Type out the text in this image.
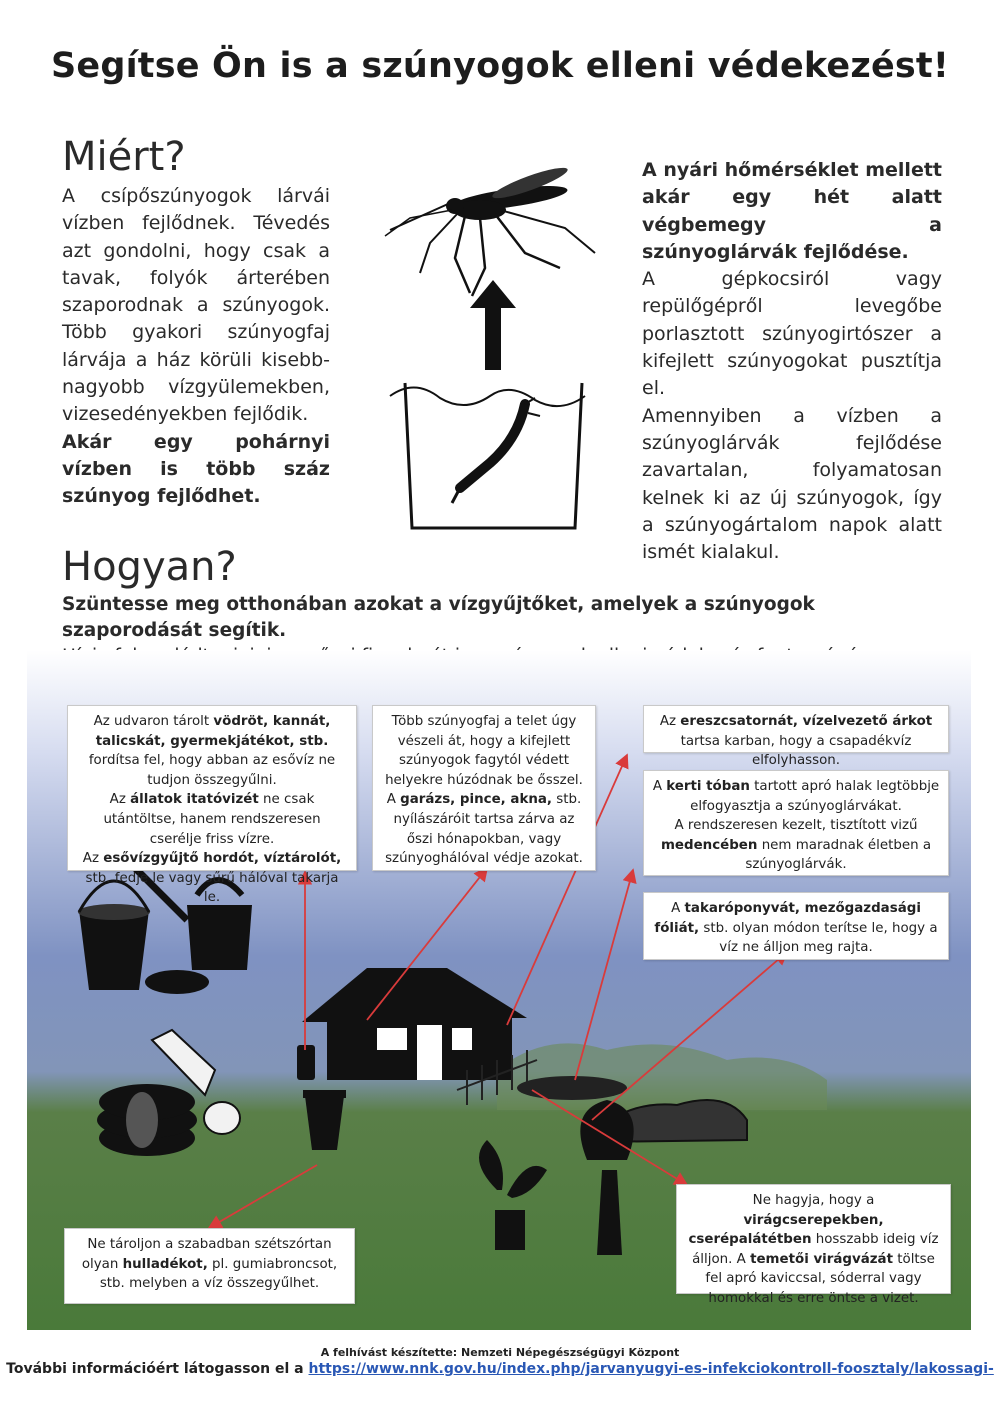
Segítse Ön is a szúnyogok elleni védekezést!
Miért?

A csípőszúnyogok lárvái vízben fejlődnek. Tévedés azt gondolni, hogy csak a tavak, folyók árterében szaporodnak a szúnyogok. Több gyakori szúnyogfaj lárvája a ház körüli kisebb-nagyobb vízgyülemekben, vizesedényekben fejlődik.

Akár egy pohárnyi vízben is több száz szúnyog fejlődhet.

A nyári hőmérséklet mellett akár egy hét alatt végbemegy a szúnyoglárvák fejlődése.

A gépkocsiról vagy repülőgépről levegőbe porlasztott szúnyogirtószer a kifejlett szúnyogokat pusztítja el.

Amennyiben a vízben a szúnyoglárvák fejlődése zavartalan, folyamatosan kelnek ki az új szúnyogok, így a szúnyogártalom napok alatt ismét kialakul.

Hogyan?
Szüntesse meg otthonában azokat a vízgyűjtőket, amelyek a szúnyogok szaporodását segítik.

Az udvaron tárolt vödröt, kannát, talicskát, gyermekjátékot, stb. fordítsa fel, hogy abban az esővíz ne tudjon összegyűlni.
Az állatok itatóvizét ne csak utántöltse, hanem rendszeresen cserélje friss vízre.
Az esővízgyűjtő hordót, víztárolót, stb. fedje le vagy sűrű hálóval takarja le.
Több szúnyogfaj a telet úgy vészeli át, hogy a kifejlett szúnyogok fagytól védett helyekre húzódnak be ősszel. A garázs, pince, akna, stb. nyílászáróit tartsa zárva az őszi hónapokban, vagy szúnyoghálóval védje azokat.
Az ereszcsatornát, vízelvezető árkot tartsa karban, hogy a csapadékvíz elfolyhasson.
A kerti tóban tartott apró halak legtöbbje elfogyasztja a szúnyoglárvákat.
A rendszeresen kezelt, tisztított vizű medencében nem maradnak életben a szúnyoglárvák.
A takaróponyvát, mezőgazdasági fóliát, stb. olyan módon terítse le, hogy a víz ne álljon meg rajta.
Ne hagyja, hogy a virágcserepekben, cserépalátétben hosszabb ideig víz álljon. A temetői virágvázát töltse fel apró kaviccsal, sóderral vagy homokkal és erre öntse a vizet.
Ne tároljon a szabadban szétszórtan olyan hulladékot, pl. gumiabroncsot, stb. melyben a víz összegyűlhet.
A felhívást készítette: Nemzeti Népegészségügyi Központ
További információért látogasson el a https://www.nnk.gov.hu/index.php/jarvanyugyi-es-infekciokontroll-foosztaly/lakossagi-
